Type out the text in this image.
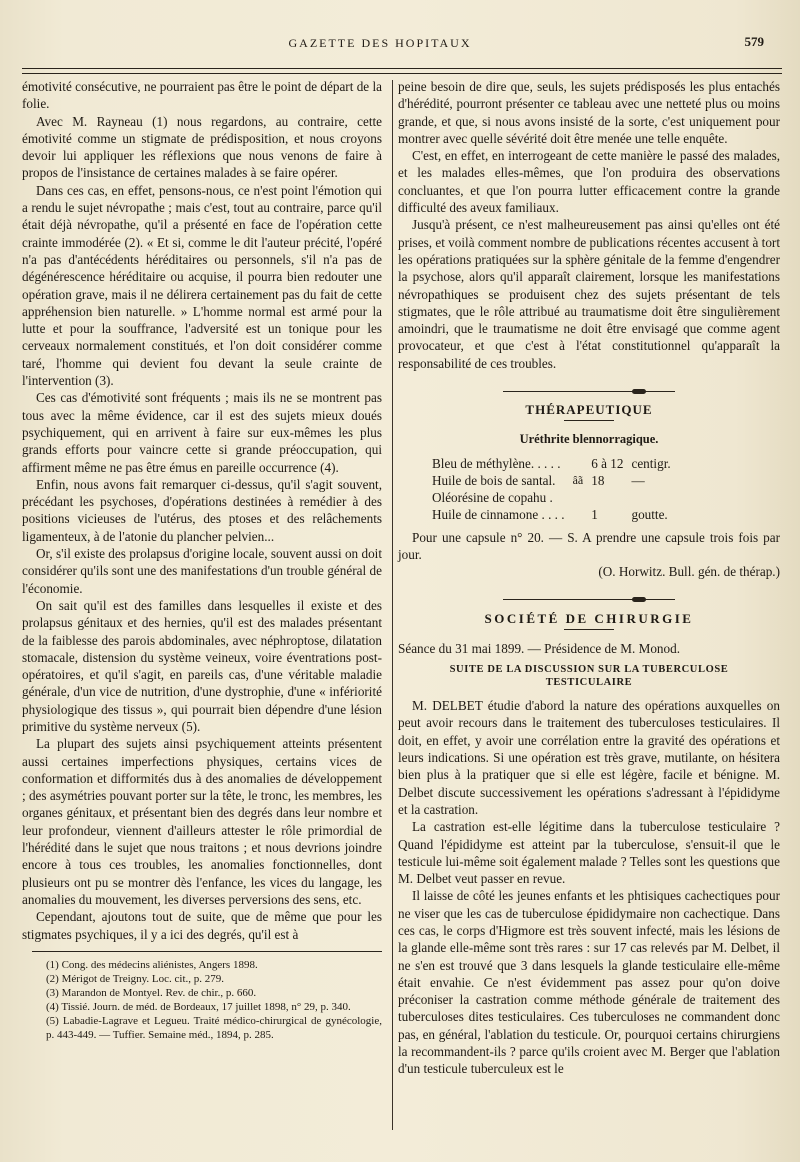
GAZETTE DES HOPITAUX	579

émotivité consécutive, ne pourraient pas être le point de départ de la folie.

Avec M. Rayneau (1) nous regardons, au contraire, cette émotivité comme un stigmate de prédisposition, et nous croyons devoir lui appliquer les réflexions que nous venons de faire à propos de l'insistance de certaines malades à se faire opérer.

Dans ces cas, en effet, pensons-nous, ce n'est point l'émotion qui a rendu le sujet névropathe ; mais c'est, tout au contraire, parce qu'il était déjà névropathe, qu'il a présenté en face de l'opération cette crainte immodérée (2). « Et si, comme le dit l'auteur précité, l'opéré n'a pas d'antécédents héréditaires ou personnels, s'il n'a pas de dégénérescence héréditaire ou acquise, il pourra bien redouter une opération grave, mais il ne délirera certainement pas du fait de cette appréhension bien naturelle. » L'homme normal est armé pour la lutte et pour la souffrance, l'adversité est un tonique pour les cerveaux normalement constitués, et l'on doit considérer comme taré, l'homme qui devient fou devant la seule crainte de l'intervention (3).

Ces cas d'émotivité sont fréquents ; mais ils ne se montrent pas tous avec la même évidence, car il est des sujets mieux doués psychiquement, qui en arrivent à faire sur eux-mêmes les plus grands efforts pour vaincre cette si grande préoccupation, qui affirment même ne pas être émus en pareille occurrence (4).

Enfin, nous avons fait remarquer ci-dessus, qu'il s'agit souvent, précédant les psychoses, d'opérations destinées à remédier à des positions vicieuses de l'utérus, des ptoses et des relâchements ligamenteux, à de l'atonie du plancher pelvien...

Or, s'il existe des prolapsus d'origine locale, souvent aussi on doit considérer qu'ils sont une des manifestations d'un trouble général de l'économie.

On sait qu'il est des familles dans lesquelles il existe et des prolapsus génitaux et des hernies, qu'il est des malades présentant de la faiblesse des parois abdominales, avec néphroptose, dilatation stomacale, distension du système veineux, voire éventrations post-opératoires, et qu'il s'agit, en pareils cas, d'une véritable maladie générale, d'un vice de nutrition, d'une dystrophie, d'une « infériorité physiologique des tissus », qui pourrait bien dépendre d'une lésion primitive du système nerveux (5).

La plupart des sujets ainsi psychiquement atteints présentent aussi certaines imperfections physiques, certains vices de conformation et difformités dus à des anomalies de développement ; des asymétries pouvant porter sur la tête, le tronc, les membres, les organes génitaux, et présentant bien des degrés dans leur nombre et leur profondeur, viennent d'ailleurs attester le rôle primordial de l'hérédité dans le sujet que nous traitons ; et nous devrions joindre encore à tous ces troubles, les anomalies fonctionnelles, dont plusieurs ont pu se montrer dès l'enfance, les vices du langage, les anomalies du mouvement, les diverses perversions des sens, etc.

Cependant, ajoutons tout de suite, que de même que pour les stigmates psychiques, il y a ici des degrés, qu'il est à

(1) Cong. des médecins aliénistes, Angers 1898.
(2) Mérigot de Treigny. Loc. cit., p. 279.
(3) Marandon de Montyel. Rev. de chir., p. 660.
(4) Tissié. Journ. de méd. de Bordeaux, 17 juillet 1898, n° 29, p. 340.
(5) Labadie-Lagrave et Legueu. Traité médico-chirurgical de gynécologie, p. 443-449. — Tuffier. Semaine méd., 1894, p. 285.

peine besoin de dire que, seuls, les sujets prédisposés les plus entachés d'hérédité, pourront présenter ce tableau avec une netteté plus ou moins grande, et que, si nous avons insisté de la sorte, c'est uniquement pour montrer avec quelle sévérité doit être menée une telle enquête.

C'est, en effet, en interrogeant de cette manière le passé des malades, et les malades elles-mêmes, que l'on produira des observations concluantes, et que l'on pourra lutter efficacement contre la grande difficulté des aveux familiaux.

Jusqu'à présent, ce n'est malheureusement pas ainsi qu'elles ont été prises, et voilà comment nombre de publications récentes accusent à tort les opérations pratiquées sur la sphère génitale de la femme d'engendrer la psychose, alors qu'il apparaît clairement, lorsque les manifestations névropathiques se produisent chez des sujets présentant de tels stigmates, que le rôle attribué au traumatisme doit être singulièrement amoindri, que le traumatisme ne doit être envisagé que comme agent provocateur, et que c'est à l'état constitutionnel qu'apparaît la responsabilité de ces troubles.

THÉRAPEUTIQUE
Uréthrite blennorragique.
Bleu de méthylène. . . . .		6 à 12	centigr.
Huile de bois de santal.	âã	18	—
Oléorésine de copahu .			
Huile de cinnamone . . . .		1	goutte.

Pour une capsule n° 20. — S. A prendre une capsule trois fois par jour.

(O. Horwitz. Bull. gén. de thérap.)

SOCIÉTÉ DE CHIRURGIE

Séance du 31 mai 1899. — Présidence de M. Monod.

SUITE DE LA DISCUSSION SUR LA TUBERCULOSE TESTICULAIRE

M. DELBET étudie d'abord la nature des opérations auxquelles on peut avoir recours dans le traitement des tuberculoses testiculaires. Il doit, en effet, y avoir une corrélation entre la gravité des opérations et leurs indications. Si une opération est très grave, mutilante, on hésitera bien plus à la pratiquer que si elle est légère, facile et bénigne. M. Delbet discute successivement les opérations s'adressant à l'épididyme et la castration.

La castration est-elle légitime dans la tuberculose testiculaire ? Quand l'épididyme est atteint par la tuberculose, s'ensuit-il que le testicule lui-même soit également malade ? Telles sont les questions que M. Delbet veut passer en revue.

Il laisse de côté les jeunes enfants et les phtisiques cachectiques pour ne viser que les cas de tuberculose épididymaire non cachectique. Dans ces cas, le corps d'Higmore est très souvent infecté, mais les lésions de la glande elle-même sont très rares : sur 17 cas relevés par M. Delbet, il ne s'en est trouvé que 3 dans lesquels la glande testiculaire elle-même était envahie. Ce n'est évidemment pas assez pour qu'on doive préconiser la castration comme méthode générale de traitement des tuberculoses dites testiculaires. Ces tuberculoses ne commandent donc pas, en général, l'ablation du testicule. Or, pourquoi certains chirurgiens la recommandent-ils ? parce qu'ils croient avec M. Berger que l'ablation d'un testicule tuberculeux est le
